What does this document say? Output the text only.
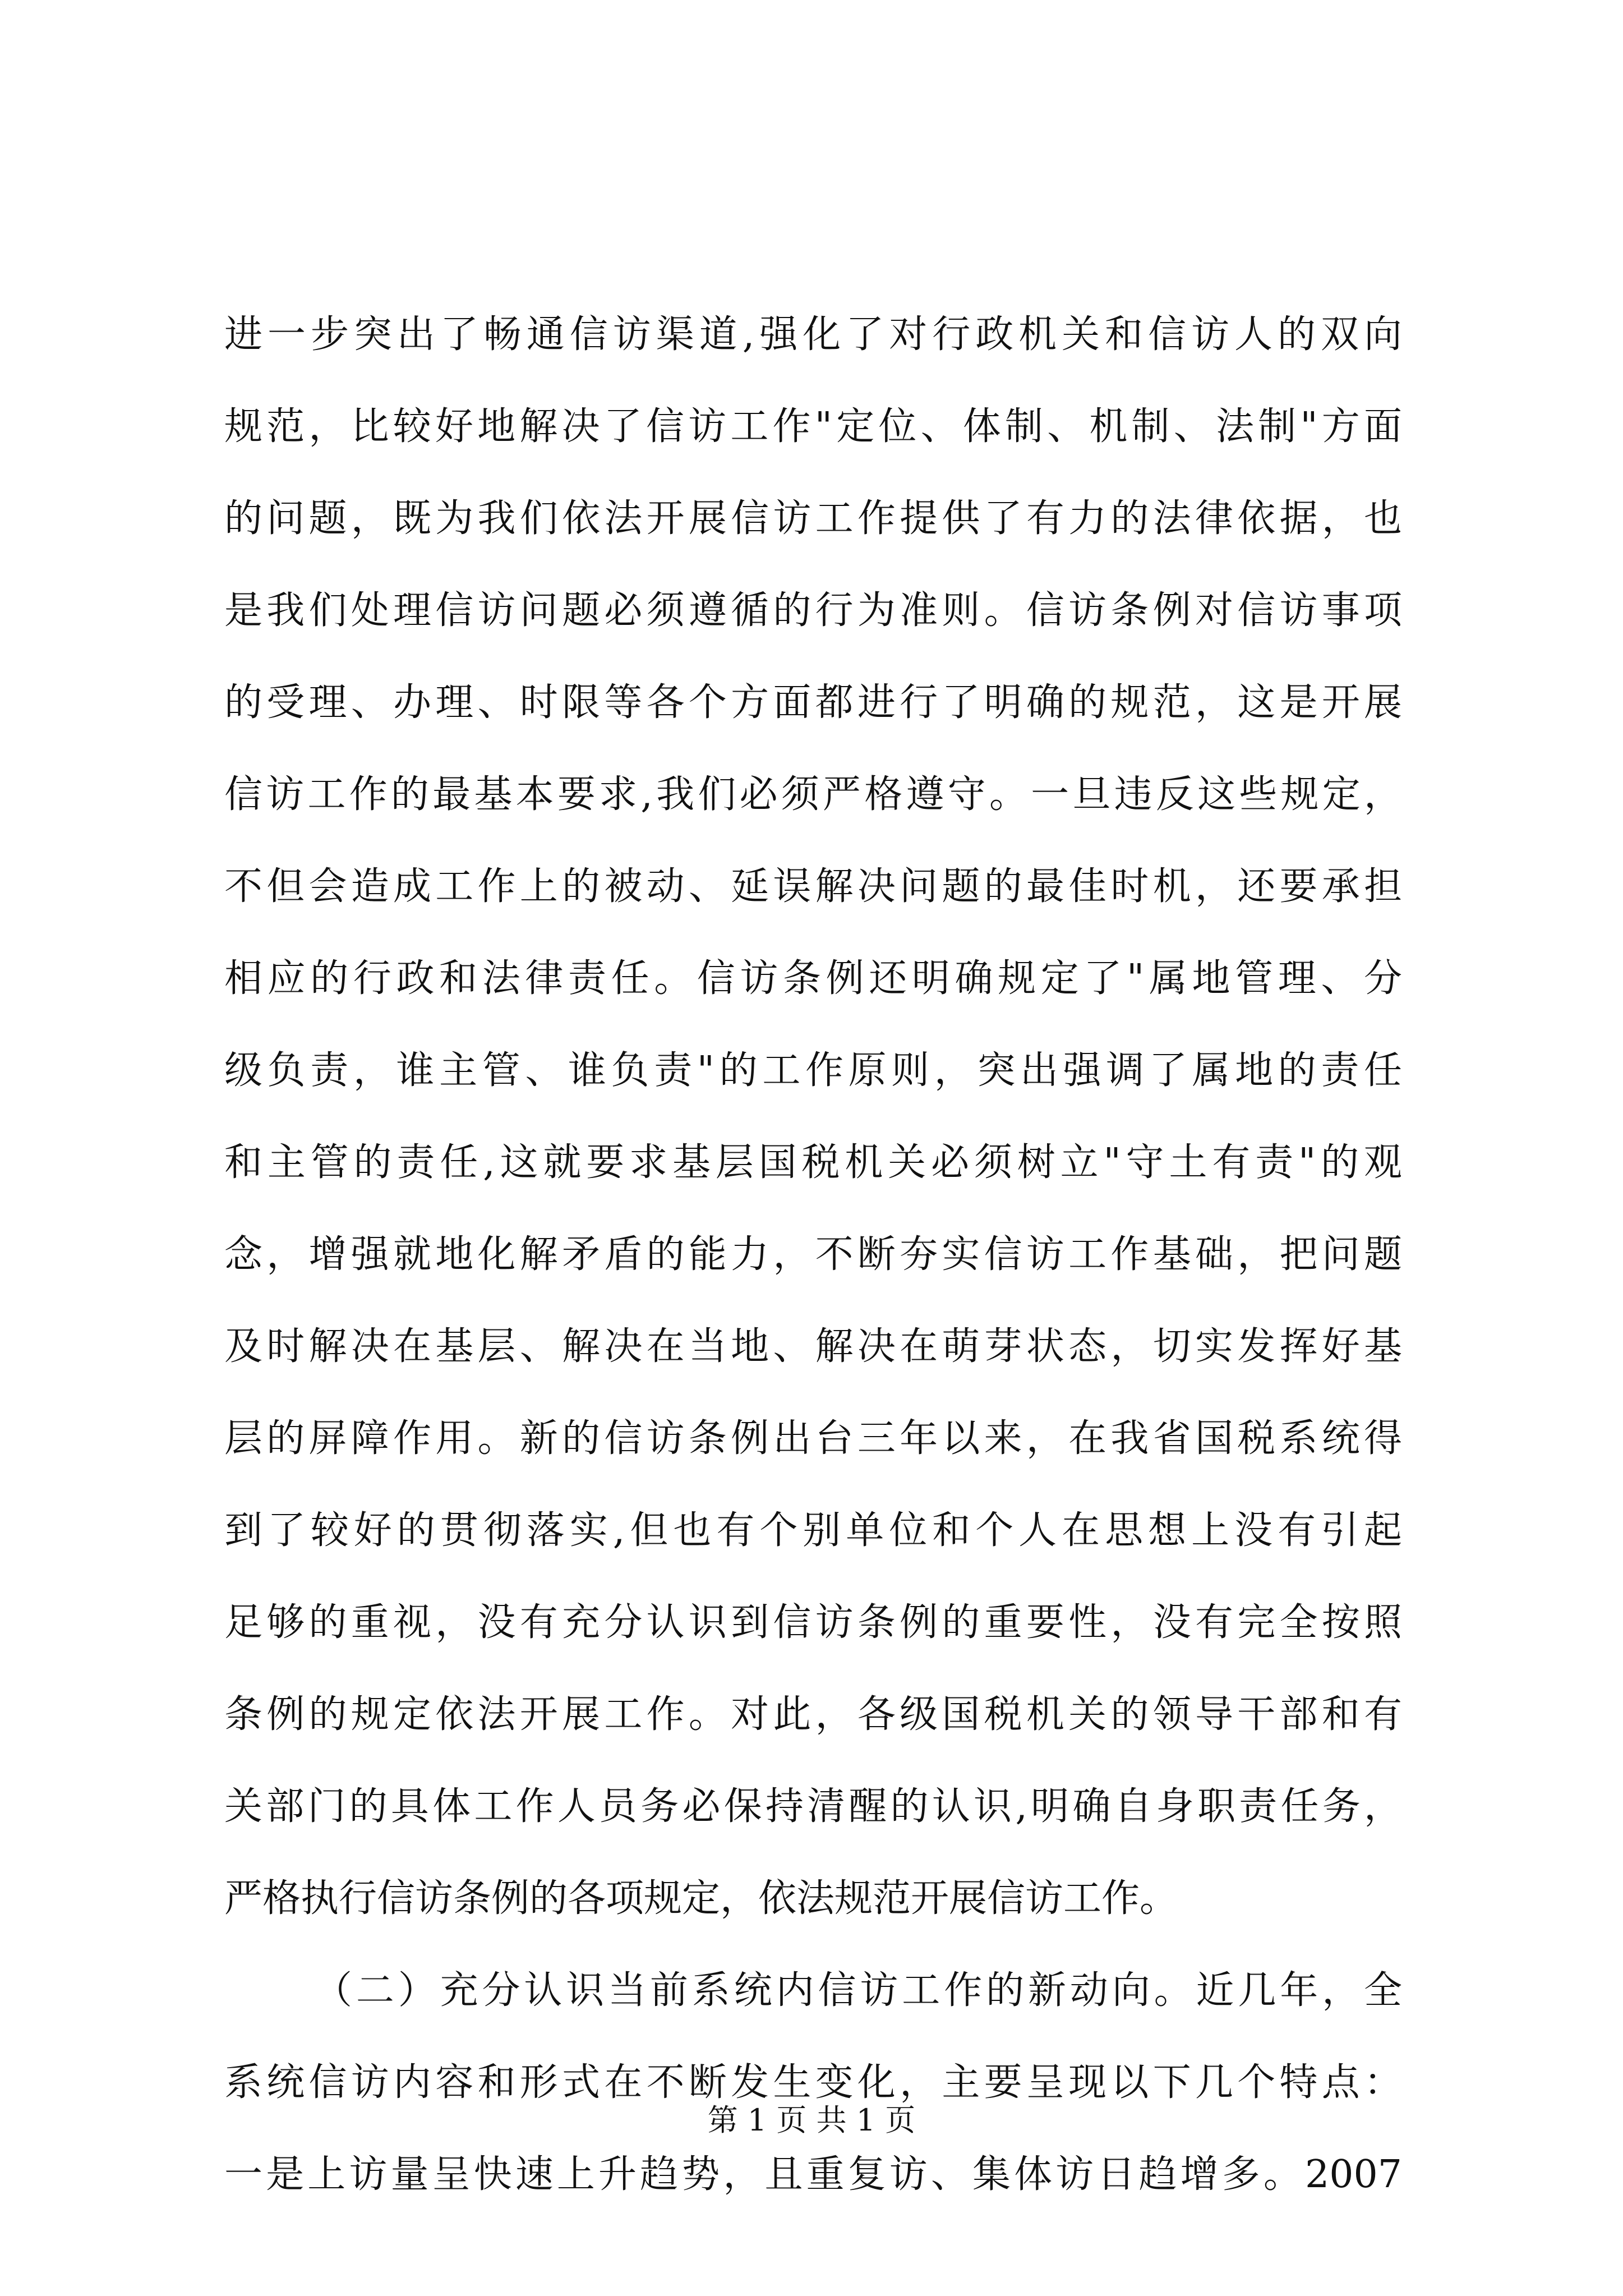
进一步突出了畅通信访渠道,强化了对行政机关和信访人的双向
规范，比较好地解决了信访工作"定位、体制、机制、法制"方面
的问题，既为我们依法开展信访工作提供了有力的法律依据，也
是我们处理信访问题必须遵循的行为准则。信访条例对信访事项
的受理、办理、时限等各个方面都进行了明确的规范，这是开展
信访工作的最基本要求,我们必须严格遵守。一旦违反这些规定，
不但会造成工作上的被动、延误解决问题的最佳时机，还要承担
相应的行政和法律责任。信访条例还明确规定了"属地管理、分
级负责，谁主管、谁负责"的工作原则，突出强调了属地的责任
和主管的责任,这就要求基层国税机关必须树立"守土有责"的观
念，增强就地化解矛盾的能力，不断夯实信访工作基础，把问题
及时解决在基层、解决在当地、解决在萌芽状态，切实发挥好基
层的屏障作用。新的信访条例出台三年以来，在我省国税系统得
到了较好的贯彻落实,但也有个别单位和个人在思想上没有引起
足够的重视，没有充分认识到信访条例的重要性，没有完全按照
条例的规定依法开展工作。对此，各级国税机关的领导干部和有
关部门的具体工作人员务必保持清醒的认识,明确自身职责任务，
严格执行信访条例的各项规定，依法规范开展信访工作。
（二）充分认识当前系统内信访工作的新动向。近几年，全
系统信访内容和形式在不断发生变化，主要呈现以下几个特点：
一是上访量呈快速上升趋势，且重复访、集体访日趋增多。2007
第 1 页 共 1 页
